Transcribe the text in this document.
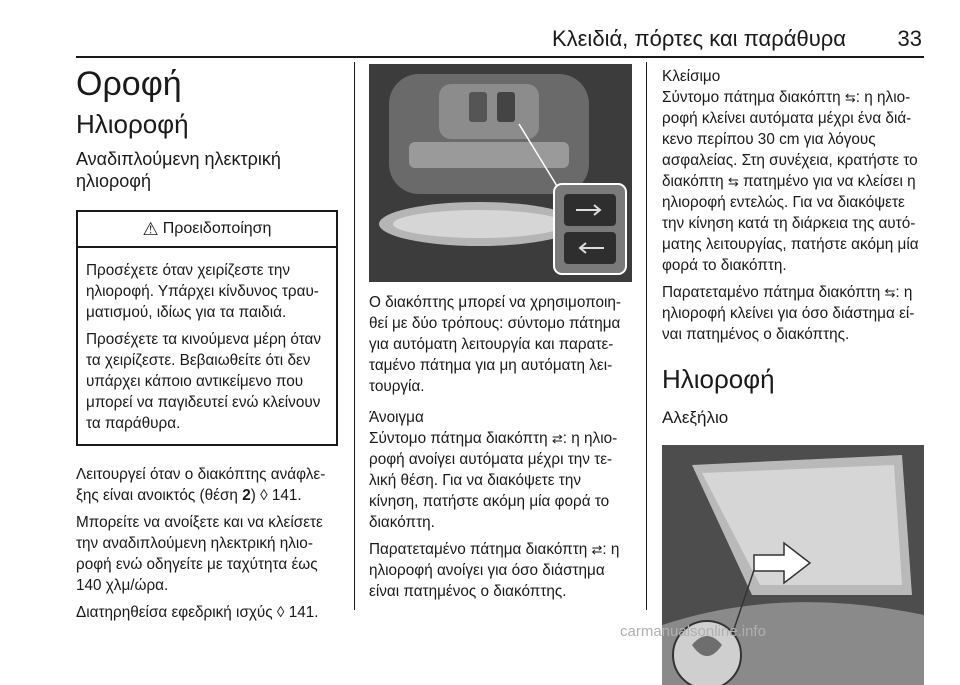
Κλειδιά, πόρτες και παράθυρα 33
Οροφή
Ηλιοροφή
Αναδιπλούμενη ηλεκτρική ηλιοροφή
⚠ Προειδοποίηση

Προσέχετε όταν χειρίζεστε την ηλιοροφή. Υπάρχει κίνδυνος τραυ- ματισμού, ιδίως για τα παιδιά.

Προσέχετε τα κινούμενα μέρη όταν τα χειρίζεστε. Βεβαιωθείτε ότι δεν υπάρχει κάποιο αντικείμενο που μπορεί να παγιδευτεί ενώ κλείνουν τα παράθυρα.

Λειτουργεί όταν ο διακόπτης ανάφλε- ξης είναι ανοικτός (θέση 2) ◊ 141.

Μπορείτε να ανοίξετε και να κλείσετε την αναδιπλούμενη ηλεκτρική ηλιο- ροφή ενώ οδηγείτε με ταχύτητα έως 140 χλμ/ώρα.

Διατηρηθείσα εφεδρική ισχύς ◊ 141.

Ο διακόπτης μπορεί να χρησιμοποιη- θεί με δύο τρόπους: σύντομο πάτημα για αυτόματη λειτουργία και παρατε- ταμένο πάτημα για μη αυτόματη λει- τουργία.

Άνοιγμα

Σύντομο πάτημα διακόπτη ⇄: η ηλιο- ροφή ανοίγει αυτόματα μέχρι την τε- λική θέση. Για να διακόψετε την κίνηση, πατήστε ακόμη μία φορά το διακόπτη.

Παρατεταμένο πάτημα διακόπτη ⇄: η ηλιοροφή ανοίγει για όσο διάστημα είναι πατημένος ο διακόπτης.

Κλείσιμο

Σύντομο πάτημα διακόπτη ⇆: η ηλιο- ροφή κλείνει αυτόματα μέχρι ένα διά- κενο περίπου 30 cm για λόγους ασφαλείας. Στη συνέχεια, κρατήστε το διακόπτη ⇆ πατημένο για να κλείσει η ηλιοροφή εντελώς. Για να διακόψετε την κίνηση κατά τη διάρκεια της αυτό- ματης λειτουργίας, πατήστε ακόμη μία φορά το διακόπτη.

Παρατεταμένο πάτημα διακόπτη ⇆: η ηλιοροφή κλείνει για όσο διάστημα εί- ναι πατημένος ο διακόπτης.

Ηλιοροφή
Αλεξήλιο
carmanualsonline.info
